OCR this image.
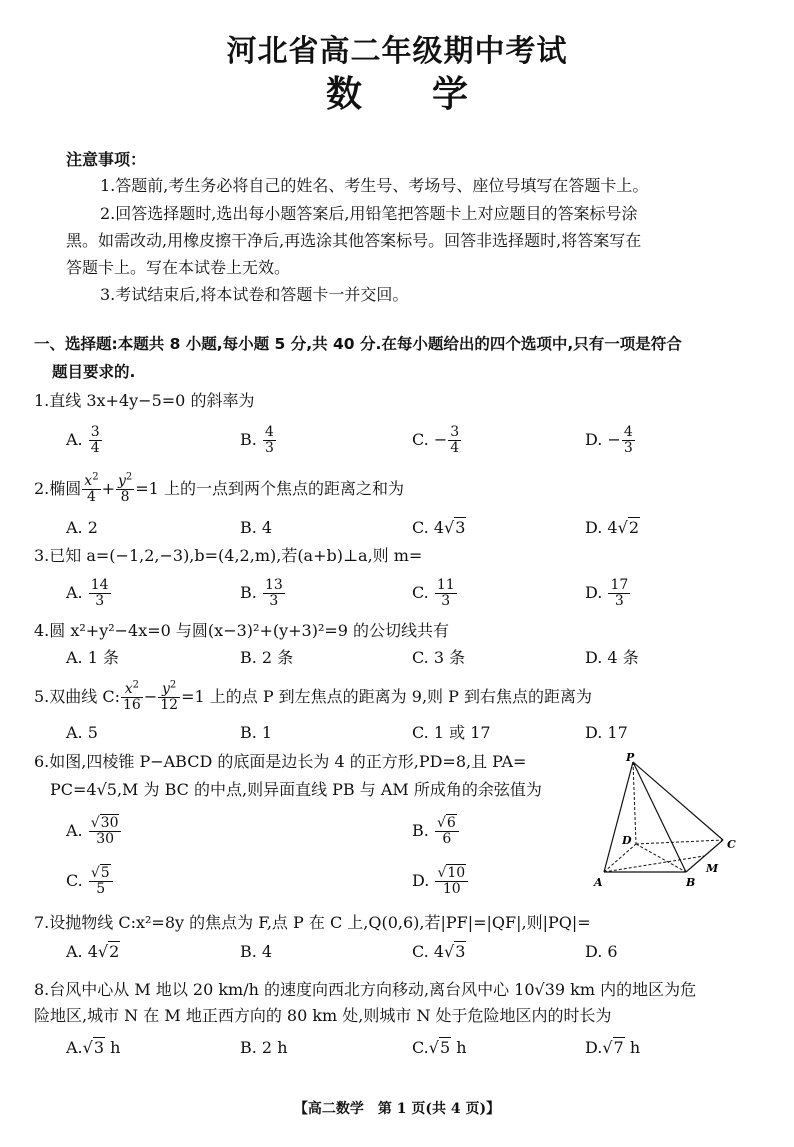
河北省高二年级期中考试
数学
注意事项：
1.答题前,考生务必将自己的姓名、考生号、考场号、座位号填写在答题卡上。
2.回答选择题时,选出每小题答案后,用铅笔把答题卡上对应题目的答案标号涂
黑。如需改动,用橡皮擦干净后,再选涂其他答案标号。回答非选择题时,将答案写在
答题卡上。写在本试卷上无效。
3.考试结束后,将本试卷和答题卡一并交回。
一、选择题:本题共 8 小题,每小题 5 分,共 40 分.在每小题给出的四个选项中,只有一项是符合
题目要求的.
1.直线 3x+4y−5=0 的斜率为
A. $\frac{3}{4}$	B. $\frac{4}{3}$	C. − $\frac{3}{4}$	D. − $\frac{4}{3}$
2.椭圆 $\frac{x^2}{4} + \frac{y^2}{8} =1$ 上的一点到两个焦点的距离之和为
A. 2	B. 4	C. 4√3	D. 4√2
3.已知 a=(−1,2,−3),b=(4,2,m),若(a+b)⊥a,则 m=
A. $\frac{14}{3}$	B. $\frac{13}{3}$	C. $\frac{11}{3}$	D. $\frac{17}{3}$
4.圆 x²+y²−4x=0 与圆(x−3)²+(y+3)²=9 的公切线共有
A. 1 条	B. 2 条	C. 3 条	D. 4 条
5.双曲线 C: $\frac{x^2}{16} - \frac{y^2}{12} =1$ 上的点 P 到左焦点的距离为 9,则 P 到右焦点的距离为
A. 5	B. 1	C. 1 或 17	D. 17
6.如图,四棱锥 P−ABCD 的底面是边长为 4 的正方形,PD=8,且 PA=
PC=4√5,M 为 BC 的中点,则异面直线 PB 与 AM 所成角的余弦值为
A. $\frac{√30}{30}$	B. $\frac{√6}{6}$
C. $\frac{√5}{5}$	D. $\frac{√10}{10}$
P
D	C
A	B
M
7.设抛物线 C:x²=8y 的焦点为 F,点 P 在 C 上,Q(0,6),若|PF|=|QF|,则|PQ|=
A. 4√2	B. 4	C. 4√3	D. 6
8.台风中心从 M 地以 20 km/h 的速度向西北方向移动,离台风中心 10√39 km 内的地区为危
险地区,城市 N 在 M 地正西方向的 80 km 处,则城市 N 处于危险地区内的时长为
A.√3 h	B. 2 h	C.√5 h	D.√7 h
【高二数学　第 1 页(共 4 页)】
